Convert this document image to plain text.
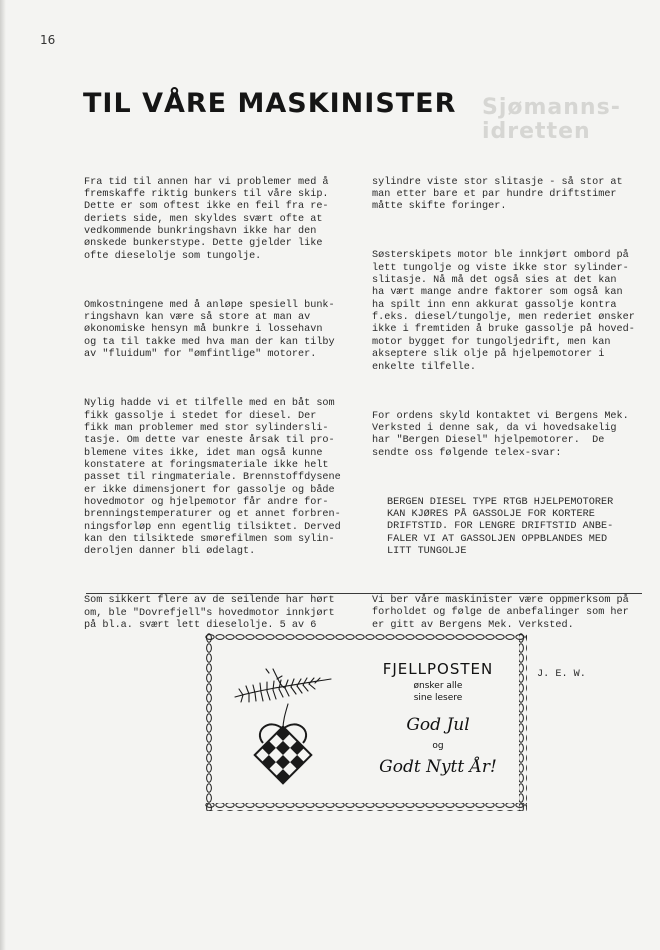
16
Sjømanns-
idretten
TIL VÅRE MASKINISTER

Fra tid til annen har vi problemer med å
fremskaffe riktig bunkers til våre skip.
Dette er som oftest ikke en feil fra re-
deriets side, men skyldes svært ofte at
vedkommende bunkringshavn ikke har den
ønskede bunkerstype. Dette gjelder like
ofte dieselolje som tungolje.

Omkostningene med å anløpe spesiell bunk-
ringshavn kan være så store at man av
økonomiske hensyn må bunkre i lossehavn
og ta til takke med hva man der kan tilby
av "fluidum" for "ømfintlige" motorer.

Nylig hadde vi et tilfelle med en båt som
fikk gassolje i stedet for diesel. Der
fikk man problemer med stor sylindersli-
tasje. Om dette var eneste årsak til pro-
blemene vites ikke, idet man også kunne
konstatere at foringsmateriale ikke helt
passet til ringmateriale. Brennstoffdysene
er ikke dimensjonert for gassolje og både
hovedmotor og hjelpemotor får andre for-
brenningstemperaturer og et annet forbren-
ningsforløp enn egentlig tilsiktet. Derved
kan den tilsiktede smørefilmen som sylin-
deroljen danner bli ødelagt.

Som sikkert flere av de seilende har hørt
om, ble "Dovrefjell"s hovedmotor innkjørt
på bl.a. svært lett dieselolje. 5 av 6

sylindre viste stor slitasje - så stor at
man etter bare et par hundre driftstimer
måtte skifte foringer.

Søsterskipets motor ble innkjørt ombord på
lett tungolje og viste ikke stor sylinder-
slitasje. Nå må det også sies at det kan
ha vært mange andre faktorer som også kan
ha spilt inn enn akkurat gassolje kontra
f.eks. diesel/tungolje, men rederiet ønsker
ikke i fremtiden å bruke gassolje på hoved-
motor bygget for tungoljedrift, men kan
akseptere slik olje på hjelpemotorer i
enkelte tilfelle.

For ordens skyld kontaktet vi Bergens Mek.
Verksted i denne sak, da vi hovedsakelig
har "Bergen Diesel" hjelpemotorer.  De
sendte oss følgende telex-svar:

BERGEN DIESEL TYPE RTGB HJELPEMOTORER
KAN KJØRES PÅ GASSOLJE FOR KORTERE
DRIFTSTID. FOR LENGRE DRIFTSTID ANBE-
FALER VI AT GASSOLJEN OPPBLANDES MED
LITT TUNGOLJE

Vi ber våre maskinister være oppmerksom på
forholdet og følge de anbefalinger som her
er gitt av Bergens Mek. Verksted.

J. E. W.

FJELLPOSTEN
ønsker alle
sine lesere
God Jul
og
Godt Nytt År!
